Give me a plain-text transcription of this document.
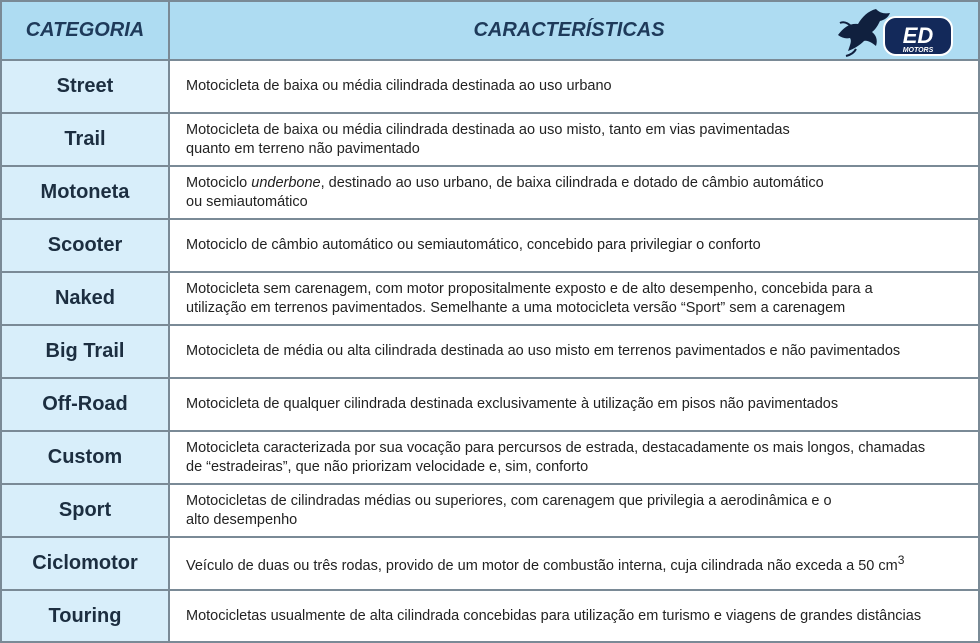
CATEGORIA	CARACTERÍSTICAS	ED
MOTORS
Street	Motocicleta de baixa ou média cilindrada destinada ao uso urbano
Trail	Motocicleta de baixa ou média cilindrada destinada ao uso misto, tanto em vias pavimentadas
quanto em terreno não pavimentado
Motoneta	Motociclo underbone, destinado ao uso urbano, de baixa cilindrada e dotado de câmbio automático
ou semiautomático
Scooter	Motociclo de câmbio automático ou semiautomático, concebido para privilegiar o conforto
Naked	Motocicleta sem carenagem, com motor propositalmente exposto e de alto desempenho, concebida para a
utilização em terrenos pavimentados. Semelhante a uma motocicleta versão “Sport” sem a carenagem
Big Trail	Motocicleta de média ou alta cilindrada destinada ao uso misto em terrenos pavimentados e não pavimentados
Off-Road	Motocicleta de qualquer cilindrada destinada exclusivamente à utilização em pisos não pavimentados
Custom	Motocicleta caracterizada por sua vocação para percursos de estrada, destacadamente os mais longos, chamadas
de “estradeiras”, que não priorizam velocidade e, sim, conforto
Sport	Motocicletas de cilindradas médias ou superiores, com carenagem que privilegia a aerodinâmica e o
alto desempenho
Ciclomotor	Veículo de duas ou três rodas, provido de um motor de combustão interna, cuja cilindrada não exceda a 50 $cm^3$
Touring	Motocicletas usualmente de alta cilindrada concebidas para utilização em turismo e viagens de grandes distâncias
